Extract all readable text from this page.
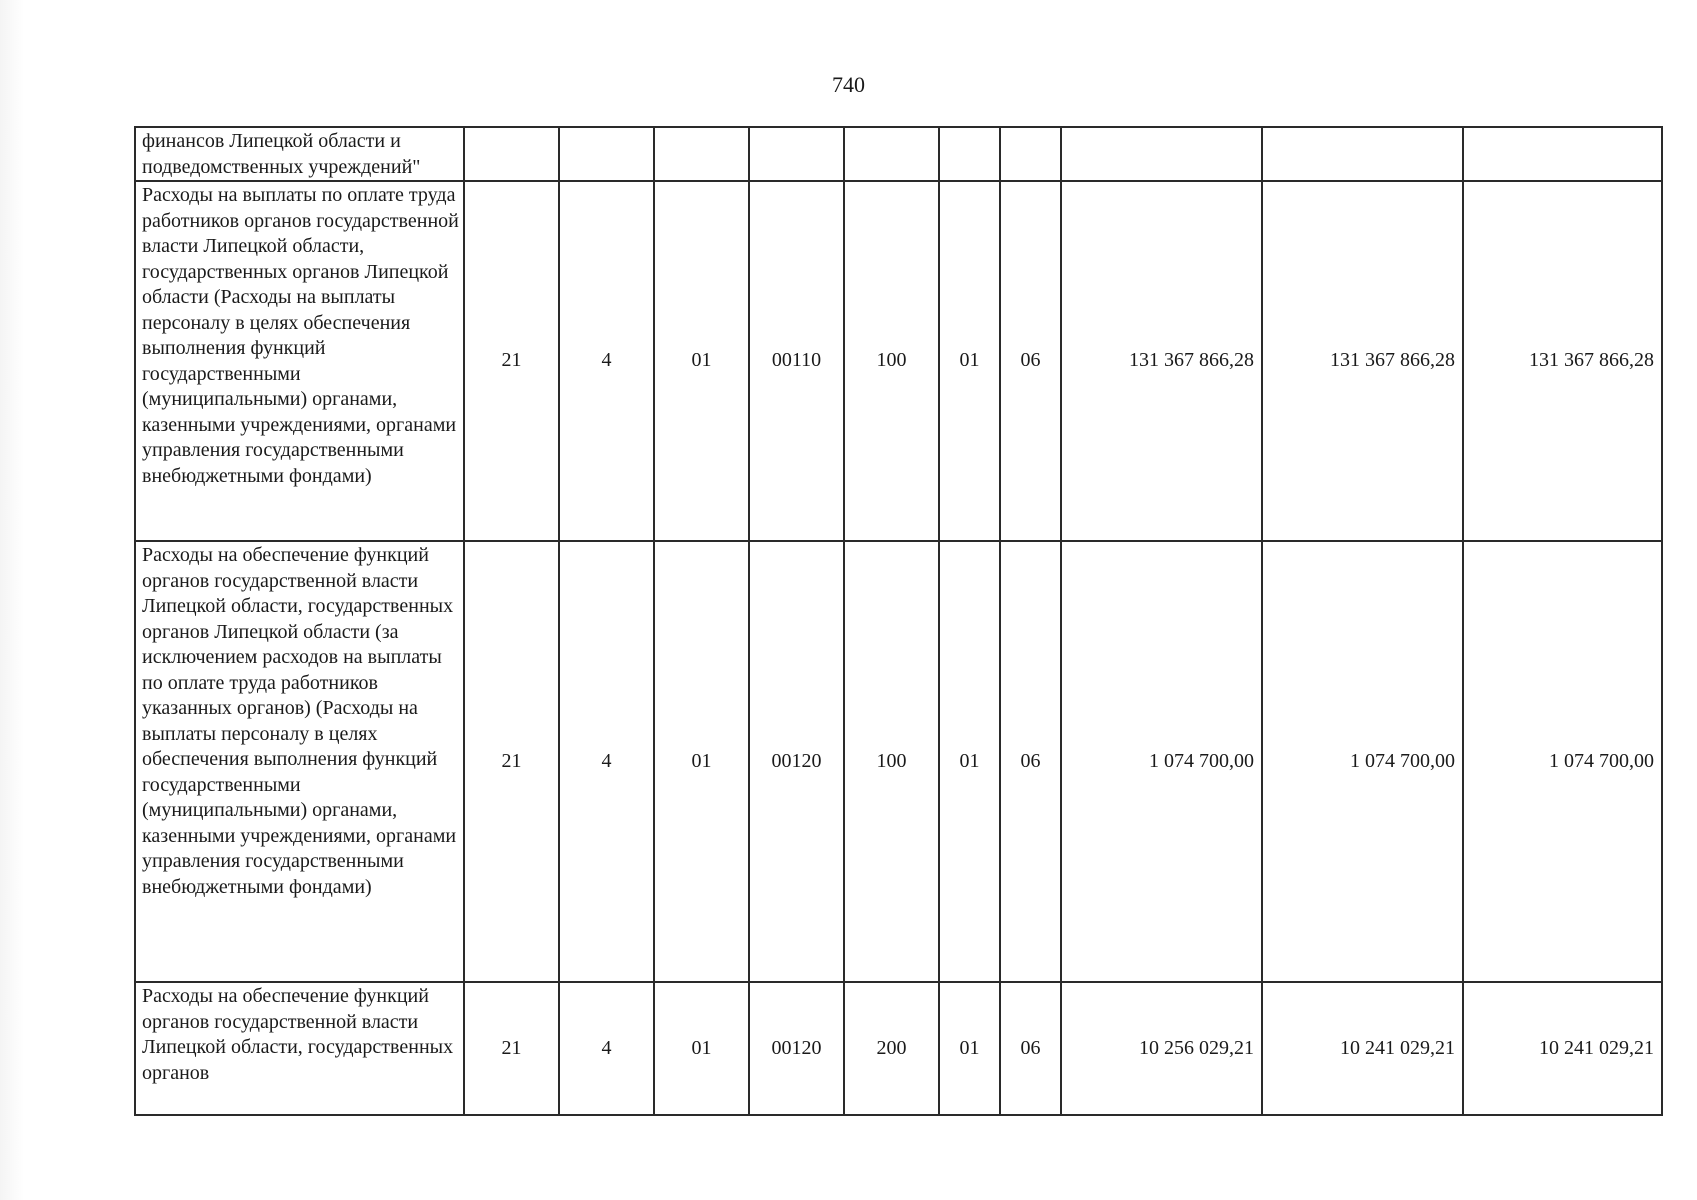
740
финансов Липецкой области и подведомственных учреждений"										
Расходы на выплаты по оплате труда работников органов государственной власти Липецкой области, государственных органов Липецкой области (Расходы на выплаты персоналу в целях обеспечения выполнения функций государственными (муниципальными) органами, казенными учреждениями, органами управления государственными внебюджетными фондами)	21	4	01	00110	100	01	06	131 367 866,28	131 367 866,28	131 367 866,28
Расходы на обеспечение функций органов государственной власти Липецкой области, государственных органов Липецкой области (за исключением расходов на выплаты по оплате труда работников указанных органов) (Расходы на выплаты персоналу в целях обеспечения выполнения функций государственными (муниципальными) органами, казенными учреждениями, органами управления государственными внебюджетными фондами)	21	4	01	00120	100	01	06	1 074 700,00	1 074 700,00	1 074 700,00
Расходы на обеспечение функций органов государственной власти Липецкой области, государственных органов	21	4	01	00120	200	01	06	10 256 029,21	10 241 029,21	10 241 029,21
